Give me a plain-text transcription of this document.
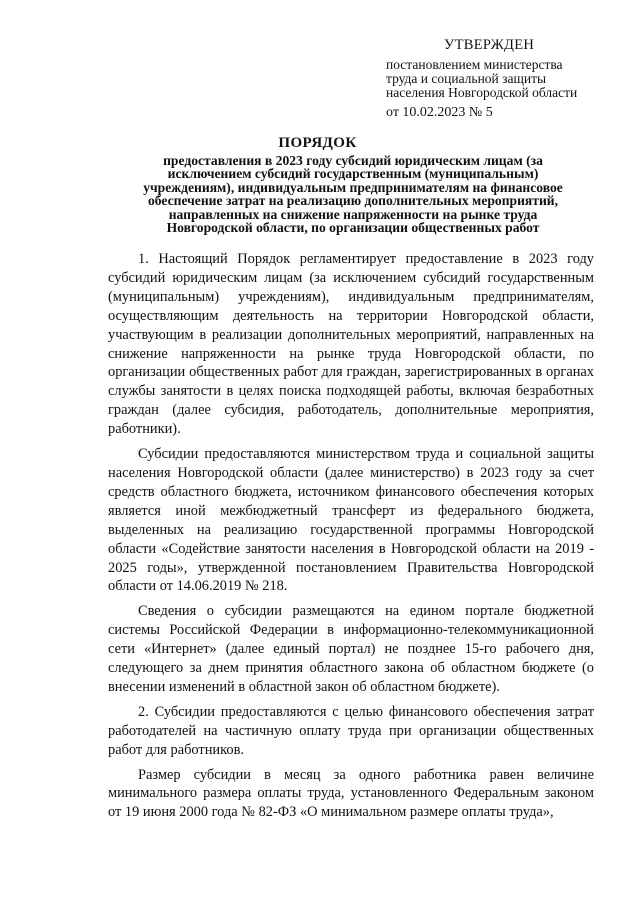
УТВЕРЖДЕН
постановлением министерства
труда и социальной защиты
населения Новгородской области
от 10.02.2023 № 5
ПОРЯДОК
предоставления в 2023 году субсидий юридическим лицам (за
исключением субсидий государственным (муниципальным)
учреждениям), индивидуальным предпринимателям на финансовое
обеспечение затрат на реализацию дополнительных мероприятий,
направленных на снижение напряженности на рынке труда
Новгородской области, по организации общественных работ

1. Настоящий Порядок регламентирует предоставление в 2023 году субсидий юридическим лицам (за исключением субсидий государственным (муниципальным) учреждениям), индивидуальным предпринимателям, осуществляющим деятельность на территории Новгородской области, участвующим в реализации дополнительных мероприятий, направленных на снижение напряженности на рынке труда Новгородской области, по организации общественных работ для граждан, зарегистрированных в органах службы занятости в целях поиска подходящей работы, включая безработных граждан (далее субсидия, работодатель, дополнительные мероприятия, работники).

Субсидии предоставляются министерством труда и социальной защиты населения Новгородской области (далее министерство) в 2023 году за счет средств областного бюджета, источником финансового обеспечения которых является иной межбюджетный трансферт из федерального бюджета, выделенных на реализацию государственной программы Новгородской области «Содействие занятости населения в Новгородской области на 2019 - 2025 годы», утвержденной постановлением Правительства Новгородской области от 14.06.2019 № 218.

Сведения о субсидии размещаются на едином портале бюджетной системы Российской Федерации в информационно-телекоммуникационной сети «Интернет» (далее единый портал) не позднее 15-го рабочего дня, следующего за днем принятия областного закона об областном бюджете (о внесении изменений в областной закон об областном бюджете).

2. Субсидии предоставляются с целью финансового обеспечения затрат работодателей на частичную оплату труда при организации общественных работ для работников.

Размер субсидии в месяц за одного работника равен величине минимального размера оплаты труда, установленного Федеральным законом от 19 июня 2000 года № 82-ФЗ «О минимальном размере оплаты труда»,
